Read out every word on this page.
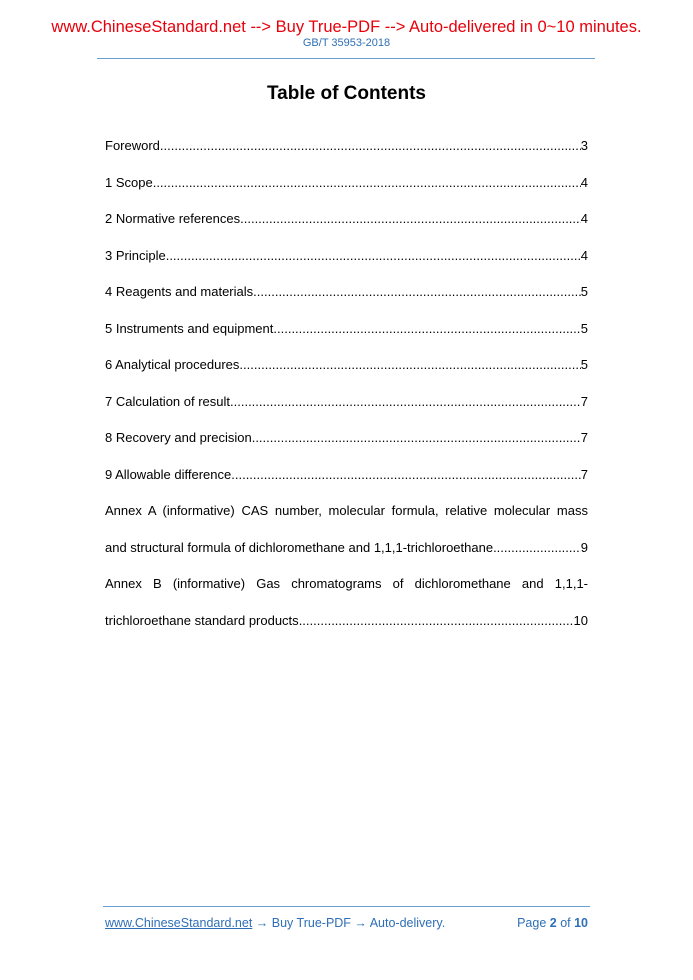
www.ChineseStandard.net --> Buy True-PDF --> Auto-delivered in 0~10 minutes.
GB/T 35953-2018
Table of Contents
Foreword .....	3
1 Scope .....	4
2 Normative references .....	4
3 Principle .....	4
4 Reagents and materials .....	5
5 Instruments and equipment .....	5
6 Analytical procedures .....	5
7 Calculation of result .....	7
8 Recovery and precision .....	7
9 Allowable difference .....	7
Annex A (informative) CAS number, molecular formula, relative molecular mass
and structural formula of dichloromethane and 1,1,1-trichloroethane .....	9
Annex B (informative) Gas chromatograms of dichloromethane and 1,1,1-
trichloroethane standard products .....	10
www.ChineseStandard.net → Buy True-PDF → Auto-delivery.	Page 2 of 10
